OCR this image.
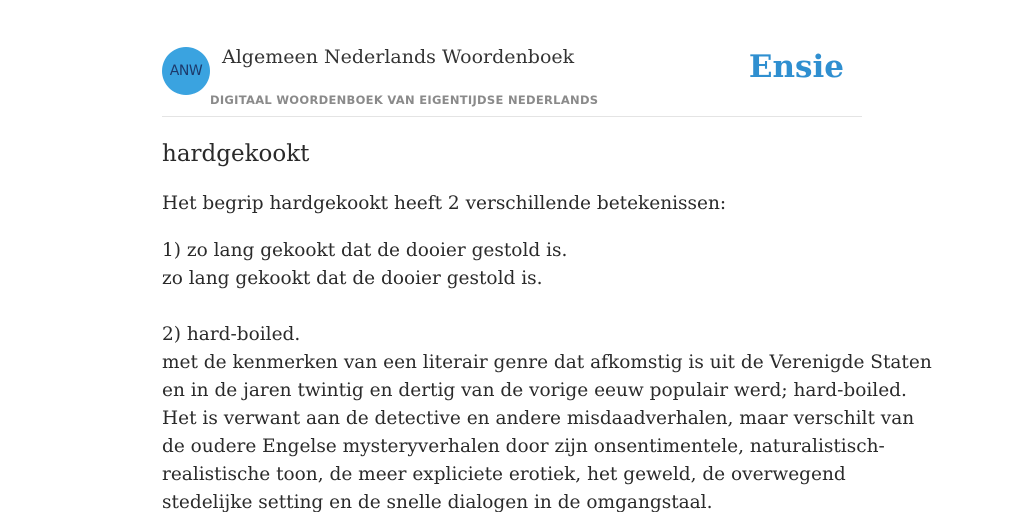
ANW
Algemeen Nederlands Woordenboek
DIGITAAL WOORDENBOEK VAN EIGENTIJDSE NEDERLANDS
Ensie
hardgekookt

Het begrip hardgekookt heeft 2 verschillende betekenissen:

1) zo lang gekookt dat de dooier gestold is.
zo lang gekookt dat de dooier gestold is.
2) hard-boiled.
met de kenmerken van een literair genre dat afkomstig is uit de Verenigde Staten
en in de jaren twintig en dertig van de vorige eeuw populair werd; hard-boiled.
Het is verwant aan de detective en andere misdaadverhalen, maar verschilt van
de oudere Engelse mysteryverhalen door zijn onsentimentele, naturalistisch-
realistische toon, de meer expliciete erotiek, het geweld, de overwegend
stedelijke setting en de snelle dialogen in de omgangstaal.
